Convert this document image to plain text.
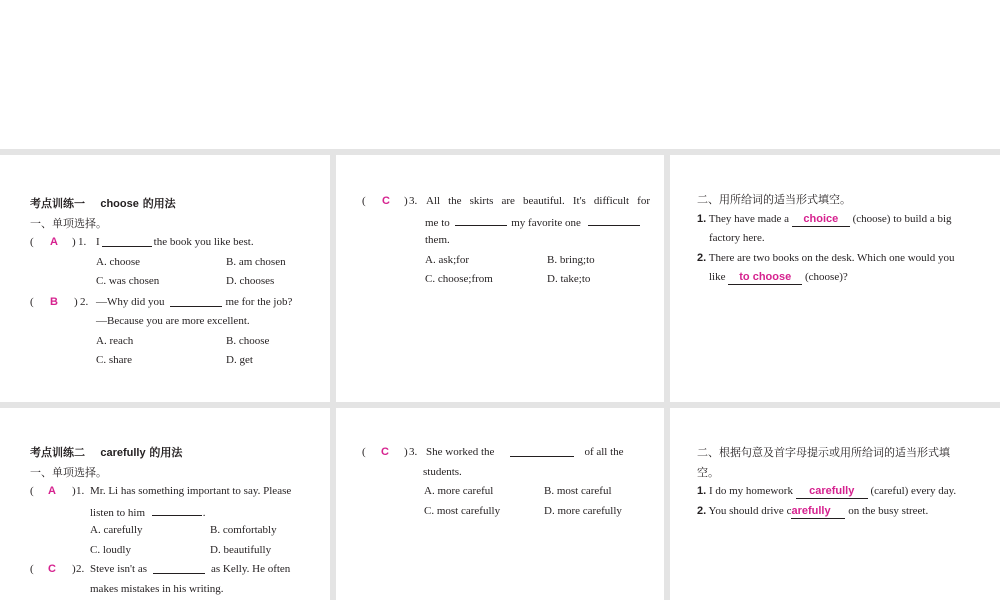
考点训练一 choose 的用法
一、单项选择。
( A ) 1. I	the book you like best.
A. choose	B. am chosen
C. was chosen	D. chooses
( B ) 2. —Why did you	me for the job?
—Because you are more excellent.
A. reach	B. choose
C. share	D. get
( C ) 3. All the skirts are beautiful. It's difficult for
me to	my favorite one
them.
A. ask;for	B. bring;to
C. choose;from	D. take;to
二、用所给词的适当形式填空。
1. They have made a choice (choose) to build a big
factory here.
2. There are two books on the desk. Which one would you
like to choose (choose)?
考点训练二 carefully 的用法
一、单项选择。
( A ) 1. Mr. Li has something important to say. Please
listen to him	.
A. carefully	B. comfortably
C. loudly	D. beautifully
( C ) 2. Steve isn't as	as Kelly. He often
makes mistakes in his writing.
( C ) 3. She worked the	of all the
students.
A. more careful	B. most careful
C. most carefully	D. more carefully
二、根据句意及首字母提示或用所给词的适当形式填
空。
1. I do my homework carefully (careful) every day.
2. You should drive carefully on the busy street.
